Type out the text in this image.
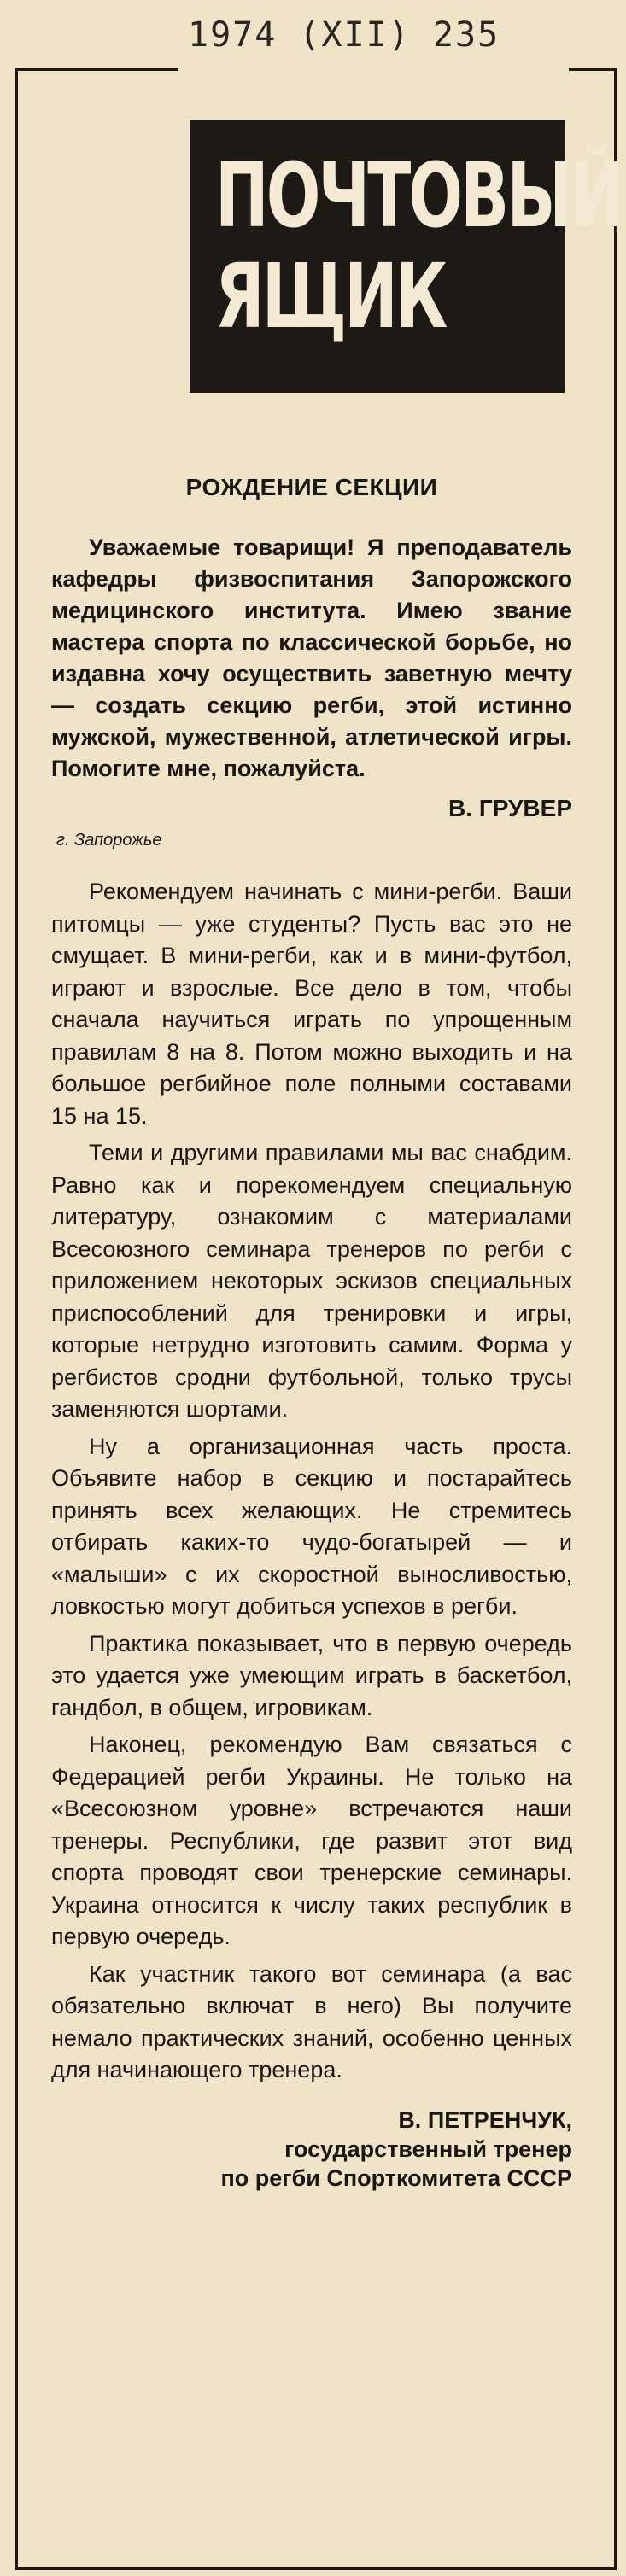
1974 (XII) 235
ПОЧТОВЫЙ
ЯЩИК
РОЖДЕНИЕ СЕКЦИИ

Уважаемые товарищи! Я преподаватель кафедры физвоспитания Запорожского медицинского института. Имею звание мастера спорта по классической борьбе, но издавна хочу осуществить заветную мечту — создать секцию регби, этой истинно мужской, мужественной, атлетической игры. Помогите мне, пожалуйста.

В. ГРУВЕР
г. Запорожье

Рекомендуем начинать с мини-регби. Ваши питомцы — уже студенты? Пусть вас это не смущает. В мини-регби, как и в мини-футбол, играют и взрослые. Все дело в том, чтобы сначала научиться играть по упрощенным правилам 8 на 8. Потом можно выходить и на большое регбийное поле полными составами 15 на 15.

Теми и другими правилами мы вас снабдим. Равно как и порекомендуем специальную литературу, ознакомим с материалами Всесоюзного семинара тренеров по регби с приложением некоторых эскизов специальных приспособлений для тренировки и игры, которые нетрудно изготовить самим. Форма у регбистов сродни футбольной, только трусы заменяются шортами.

Ну а организационная часть проста. Объявите набор в секцию и постарайтесь принять всех желающих. Не стремитесь отбирать каких-то чудо-богатырей — и «малыши» с их скоростной выносливостью, ловкостью могут добиться успехов в регби.

Практика показывает, что в первую очередь это удается уже умеющим играть в баскетбол, гандбол, в общем, игровикам.

Наконец, рекомендую Вам связаться с Федерацией регби Украины. Не только на «Всесоюзном уровне» встречаются наши тренеры. Республики, где развит этот вид спорта проводят свои тренерские семинары. Украина относится к числу таких республик в первую очередь.

Как участник такого вот семинара (а вас обязательно включат в него) Вы получите немало практических знаний, особенно ценных для начинающего тренера.

В. ПЕТРЕНЧУК,
государственный тренер
по регби Спорткомитета СССР
